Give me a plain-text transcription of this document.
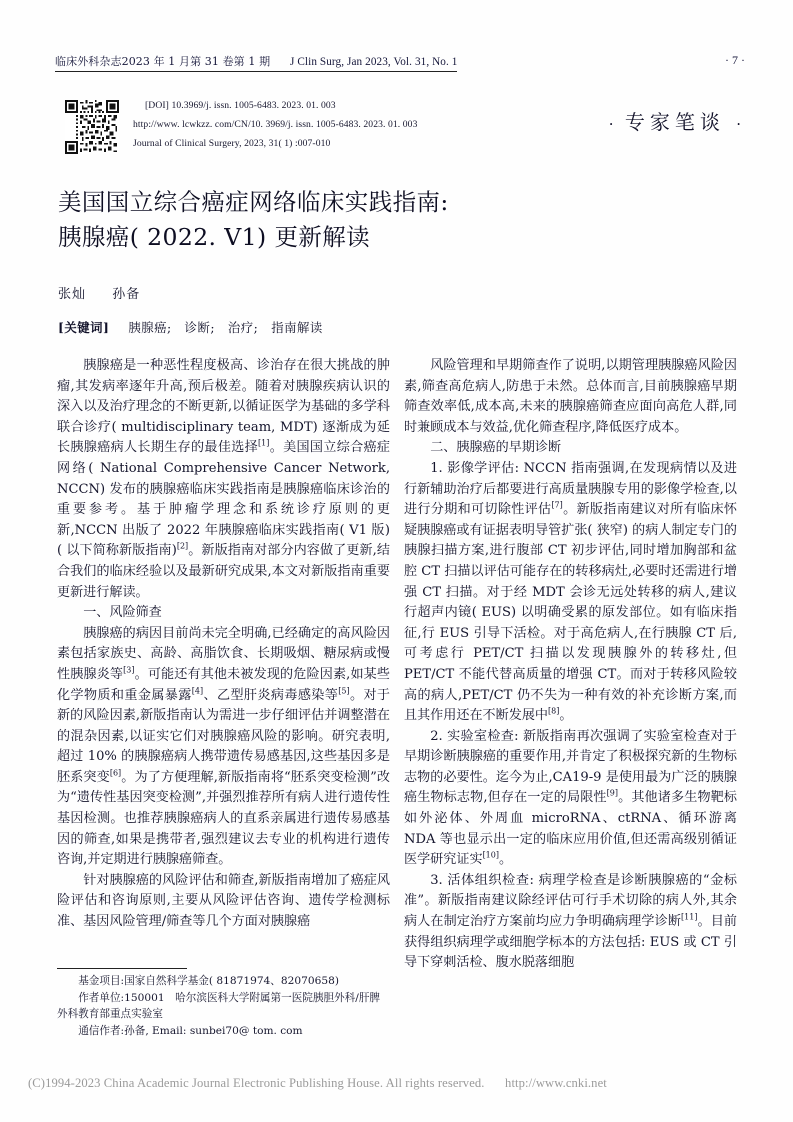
临床外科杂志2023 年 1 月第 31 卷第 1 期 J Clin Surg, Jan 2023, Vol. 31, No. 1	· 7 ·
[DOI] 10.3969/j. issn. 1005-6483. 2023. 01. 003
http://www. lcwkzz. com/CN/10. 3969/j. issn. 1005-6483. 2023. 01. 003
Journal of Clinical Surgery, 2023, 31( 1) :007-010
· 专家笔谈 ·
美国国立综合癌症网络临床实践指南:
胰腺癌( 2022. V1) 更新解读
张灿 孙备
[关键词] 胰腺癌;　诊断;　治疗;　指南解读

胰腺癌是一种恶性程度极高、诊治存在很大挑战的肿瘤,其发病率逐年升高,预后极差。随着对胰腺疾病认识的深入以及治疗理念的不断更新,以循证医学为基础的多学科联合诊疗( multidisciplinary team, MDT) 逐渐成为延长胰腺癌病人长期生存的最佳选择[1]。美国国立综合癌症网络( National Comprehensive Cancer Network, NCCN) 发布的胰腺癌临床实践指南是胰腺癌临床诊治的重要参考。基于肿瘤学理念和系统诊疗原则的更新,NCCN 出版了 2022 年胰腺癌临床实践指南( V1 版) ( 以下简称新版指南)[2]。新版指南对部分内容做了更新,结合我们的临床经验以及最新研究成果,本文对新版指南重要更新进行解读。

一、风险筛查

胰腺癌的病因目前尚未完全明确,已经确定的高风险因素包括家族史、高龄、高脂饮食、长期吸烟、糖尿病或慢性胰腺炎等[3]。可能还有其他未被发现的危险因素,如某些化学物质和重金属暴露[4]、乙型肝炎病毒感染等[5]。对于新的风险因素,新版指南认为需进一步仔细评估并调整潜在的混杂因素,以证实它们对胰腺癌风险的影响。研究表明,超过 10% 的胰腺癌病人携带遗传易感基因,这些基因多是胚系突变[6]。为了方便理解,新版指南将“胚系突变检测”改为“遗传性基因突变检测”,并强烈推荐所有病人进行遗传性基因检测。也推荐胰腺癌病人的直系亲属进行遗传易感基因的筛查,如果是携带者,强烈建议去专业的机构进行遗传咨询,并定期进行胰腺癌筛查。

针对胰腺癌的风险评估和筛查,新版指南增加了癌症风险评估和咨询原则,主要从风险评估咨询、遗传学检测标准、基因风险管理/筛查等几个方面对胰腺癌

风险管理和早期筛查作了说明,以期管理胰腺癌风险因素,筛查高危病人,防患于未然。总体而言,目前胰腺癌早期筛查效率低,成本高,未来的胰腺癌筛查应面向高危人群,同时兼顾成本与效益,优化筛查程序,降低医疗成本。

二、胰腺癌的早期诊断

1. 影像学评估: NCCN 指南强调,在发现病情以及进行新辅助治疗后都要进行高质量胰腺专用的影像学检查,以进行分期和可切除性评估[7]。新版指南建议对所有临床怀疑胰腺癌或有证据表明导管扩张( 狭窄) 的病人制定专门的胰腺扫描方案,进行腹部 CT 初步评估,同时增加胸部和盆腔 CT 扫描以评估可能存在的转移病灶,必要时还需进行增强 CT 扫描。对于经 MDT 会诊无远处转移的病人,建议行超声内镜( EUS) 以明确受累的原发部位。如有临床指征,行 EUS 引导下活检。对于高危病人,在行胰腺 CT 后,可考虑行 PET/CT 扫描以发现胰腺外的转移灶,但 PET/CT 不能代替高质量的增强 CT。而对于转移风险较高的病人,PET/CT 仍不失为一种有效的补充诊断方案,而且其作用还在不断发展中[8]。

2. 实验室检查: 新版指南再次强调了实验室检查对于早期诊断胰腺癌的重要作用,并肯定了积极探究新的生物标志物的必要性。迄今为止,CA19-9 是使用最为广泛的胰腺癌生物标志物,但存在一定的局限性[9]。其他诸多生物靶标如外泌体、外周血 microRNA、ctRNA、循环游离 NDA 等也显示出一定的临床应用价值,但还需高级别循证医学研究证实[10]。

3. 活体组织检查: 病理学检查是诊断胰腺癌的“金标准”。新版指南建议除经评估可行手术切除的病人外,其余病人在制定治疗方案前均应力争明确病理学诊断[11]。目前获得组织病理学或细胞学标本的方法包括: EUS 或 CT 引导下穿刺活检、腹水脱落细胞

基金项目:国家自然科学基金( 81871974、82070658)
作者单位:150001　哈尔滨医科大学附属第一医院胰胆外科/肝脾
外科教育部重点实验室
通信作者:孙备, Email: sunbei70@ tom. com
(C)1994-2023 China Academic Journal Electronic Publishing House. All rights reserved. http://www.cnki.net
